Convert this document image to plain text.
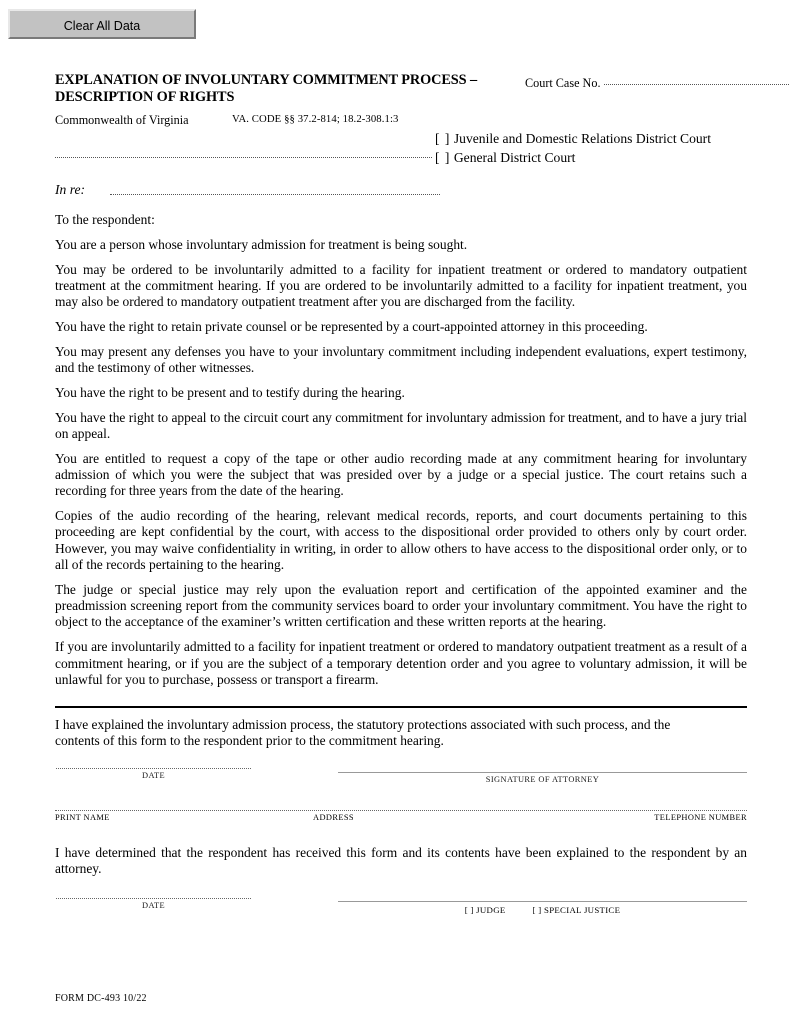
Clear All Data
EXPLANATION OF INVOLUNTARY COMMITMENT PROCESS –
DESCRIPTION OF RIGHTS
Court Case No.
Commonwealth of Virginia	VA. CODE §§ 37.2-814; 18.2-308.1:3
[ ] Juvenile and Domestic Relations District Court
[ ] General District Court
In re:

To the respondent:

You are a person whose involuntary admission for treatment is being sought.

You may be ordered to be involuntarily admitted to a facility for inpatient treatment or ordered to mandatory outpatient treatment at the commitment hearing. If you are ordered to be involuntarily admitted to a facility for inpatient treatment, you may also be ordered to mandatory outpatient treatment after you are discharged from the facility.

You have the right to retain private counsel or be represented by a court-appointed attorney in this proceeding.

You may present any defenses you have to your involuntary commitment including independent evaluations, expert testimony, and the testimony of other witnesses.

You have the right to be present and to testify during the hearing.

You have the right to appeal to the circuit court any commitment for involuntary admission for treatment, and to have a jury trial on appeal.

You are entitled to request a copy of the tape or other audio recording made at any commitment hearing for involuntary admission of which you were the subject that was presided over by a judge or a special justice. The court retains such a recording for three years from the date of the hearing.

Copies of the audio recording of the hearing, relevant medical records, reports, and court documents pertaining to this proceeding are kept confidential by the court, with access to the dispositional order provided to others only by court order. However, you may waive confidentiality in writing, in order to allow others to have access to the dispositional order only, or to all of the records pertaining to the hearing.

The judge or special justice may rely upon the evaluation report and certification of the appointed examiner and the preadmission screening report from the community services board to order your involuntary commitment. You have the right to object to the acceptance of the examiner’s written certification and these written reports at the hearing.

If you are involuntarily admitted to a facility for inpatient treatment or ordered to mandatory outpatient treatment as a result of a commitment hearing, or if you are the subject of a temporary detention order and you agree to voluntary admission, it will be unlawful for you to purchase, possess or transport a firearm.

I have explained the involuntary admission process, the statutory protections associated with such process, and the contents of this form to the respondent prior to the commitment hearing.
DATE	SIGNATURE OF ATTORNEY
PRINT NAME	ADDRESS	TELEPHONE NUMBER
I have determined that the respondent has received this form and its contents have been explained to the respondent by an attorney.
DATE	[ ] JUDGE	[ ] SPECIAL JUSTICE
FORM DC-493 10/22
